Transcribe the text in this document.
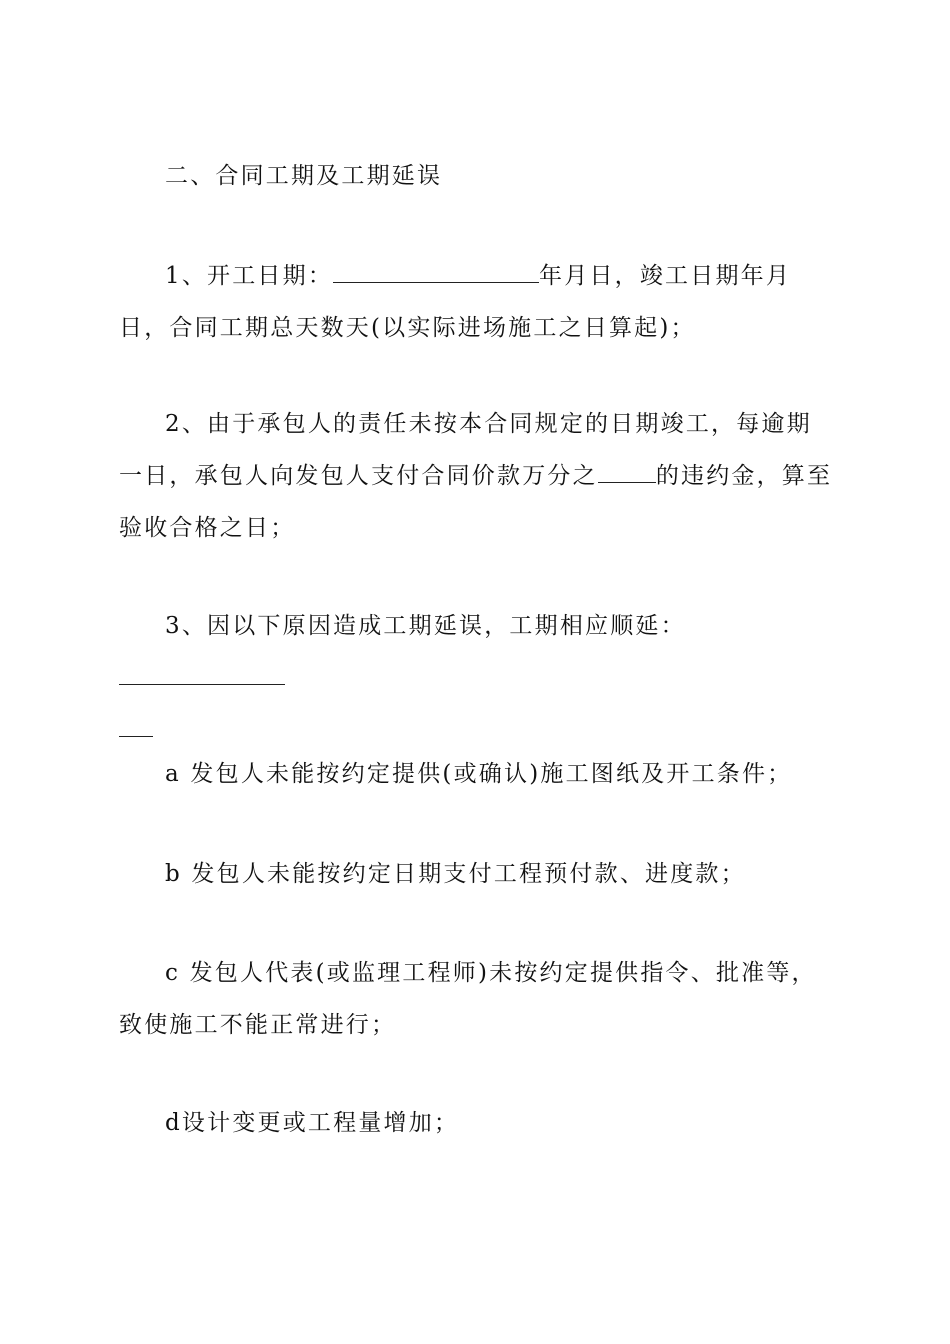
二、合同工期及工期延误

1、开工日期：	年月日，竣工日期年月日，合同工期总天数天(以实际进场施工之日算起)；

2、由于承包人的责任未按本合同规定的日期竣工，每逾期一日，承包人向发包人支付合同价款万分之	的违约金，算至验收合格之日；

3、因以下原因造成工期延误，工期相应顺延：

a 发包人未能按约定提供(或确认)施工图纸及开工条件；

b 发包人未能按约定日期支付工程预付款、进度款；

c 发包人代表(或监理工程师)未按约定提供指令、批准等，致使施工不能正常进行；

d设计变更或工程量增加；
